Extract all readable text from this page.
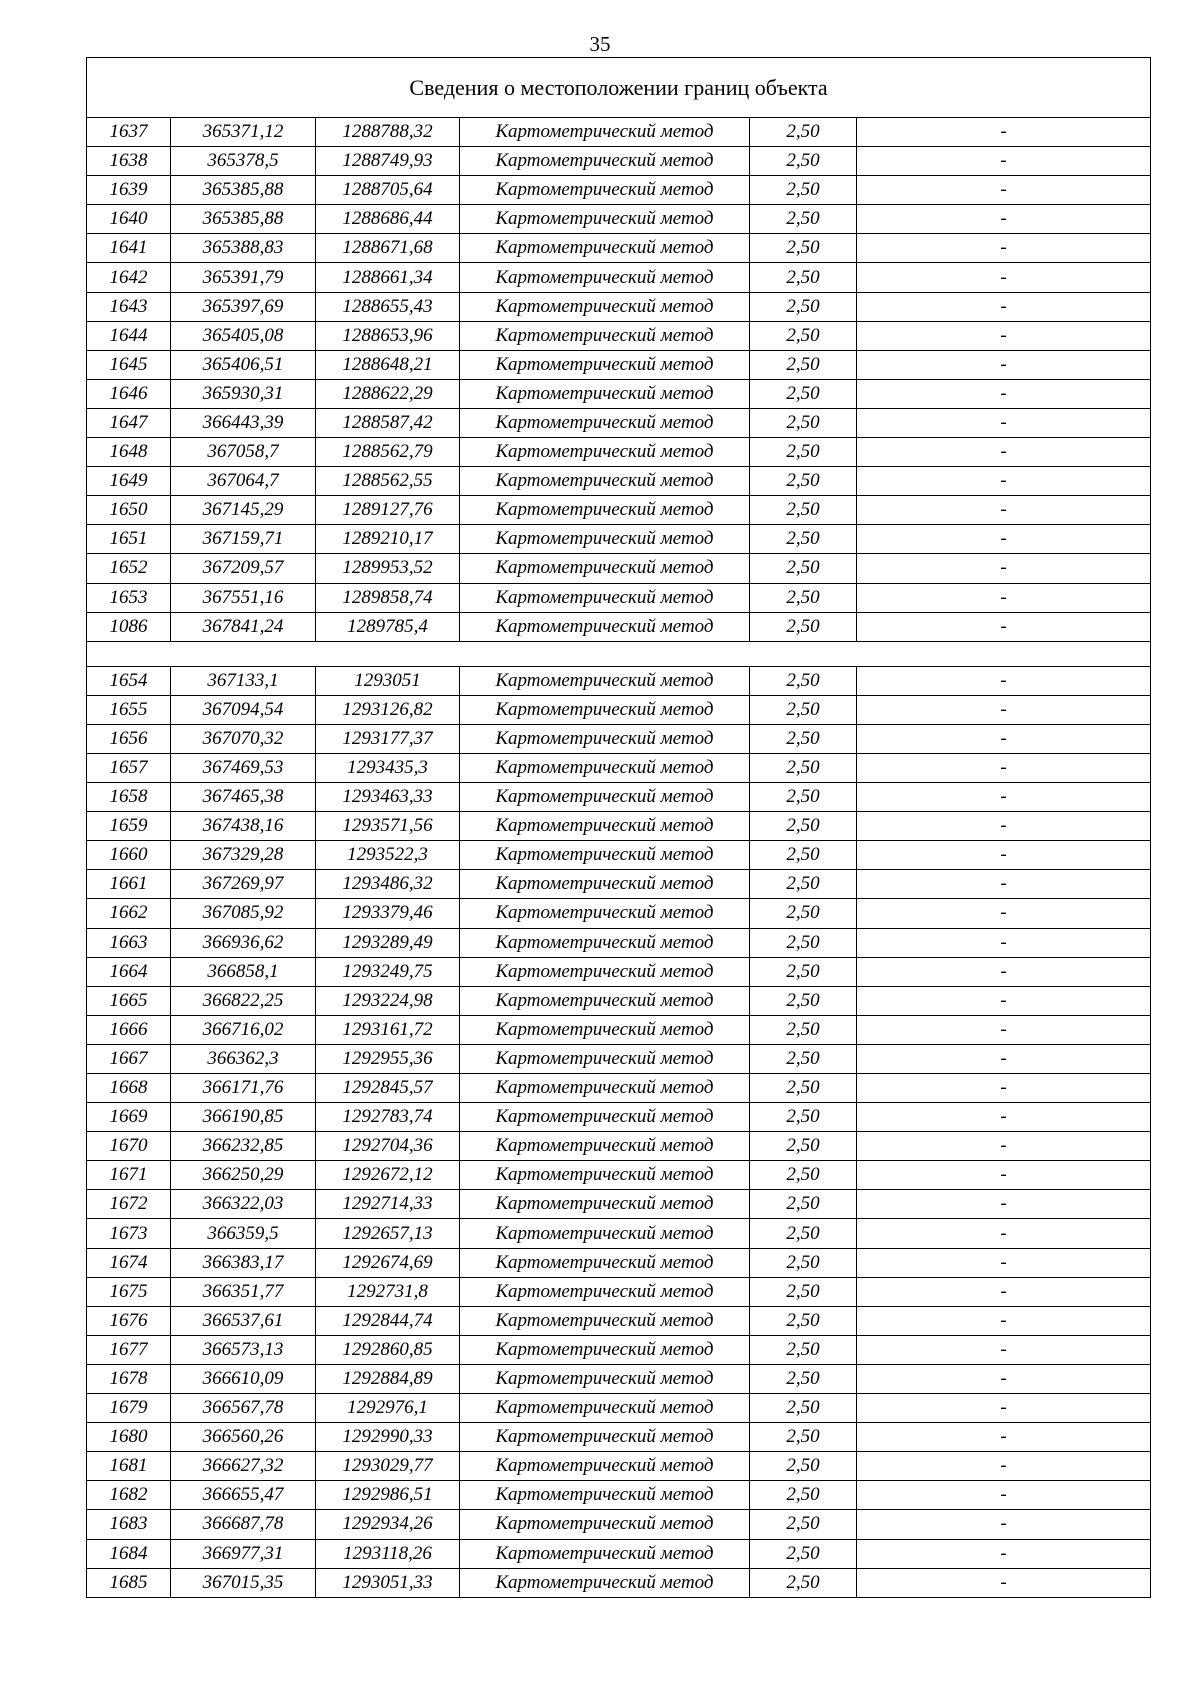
35
Сведения о местоположении границ объекта					
1637	365371,12	1288788,32	Картометрический метод	2,50	-
1638	365378,5	1288749,93	Картометрический метод	2,50	-
1639	365385,88	1288705,64	Картометрический метод	2,50	-
1640	365385,88	1288686,44	Картометрический метод	2,50	-
1641	365388,83	1288671,68	Картометрический метод	2,50	-
1642	365391,79	1288661,34	Картометрический метод	2,50	-
1643	365397,69	1288655,43	Картометрический метод	2,50	-
1644	365405,08	1288653,96	Картометрический метод	2,50	-
1645	365406,51	1288648,21	Картометрический метод	2,50	-
1646	365930,31	1288622,29	Картометрический метод	2,50	-
1647	366443,39	1288587,42	Картометрический метод	2,50	-
1648	367058,7	1288562,79	Картометрический метод	2,50	-
1649	367064,7	1288562,55	Картометрический метод	2,50	-
1650	367145,29	1289127,76	Картометрический метод	2,50	-
1651	367159,71	1289210,17	Картометрический метод	2,50	-
1652	367209,57	1289953,52	Картометрический метод	2,50	-
1653	367551,16	1289858,74	Картометрический метод	2,50	-
1086	367841,24	1289785,4	Картометрический метод	2,50	-

1654	367133,1	1293051	Картометрический метод	2,50	-
1655	367094,54	1293126,82	Картометрический метод	2,50	-
1656	367070,32	1293177,37	Картометрический метод	2,50	-
1657	367469,53	1293435,3	Картометрический метод	2,50	-
1658	367465,38	1293463,33	Картометрический метод	2,50	-
1659	367438,16	1293571,56	Картометрический метод	2,50	-
1660	367329,28	1293522,3	Картометрический метод	2,50	-
1661	367269,97	1293486,32	Картометрический метод	2,50	-
1662	367085,92	1293379,46	Картометрический метод	2,50	-
1663	366936,62	1293289,49	Картометрический метод	2,50	-
1664	366858,1	1293249,75	Картометрический метод	2,50	-
1665	366822,25	1293224,98	Картометрический метод	2,50	-
1666	366716,02	1293161,72	Картометрический метод	2,50	-
1667	366362,3	1292955,36	Картометрический метод	2,50	-
1668	366171,76	1292845,57	Картометрический метод	2,50	-
1669	366190,85	1292783,74	Картометрический метод	2,50	-
1670	366232,85	1292704,36	Картометрический метод	2,50	-
1671	366250,29	1292672,12	Картометрический метод	2,50	-
1672	366322,03	1292714,33	Картометрический метод	2,50	-
1673	366359,5	1292657,13	Картометрический метод	2,50	-
1674	366383,17	1292674,69	Картометрический метод	2,50	-
1675	366351,77	1292731,8	Картометрический метод	2,50	-
1676	366537,61	1292844,74	Картометрический метод	2,50	-
1677	366573,13	1292860,85	Картометрический метод	2,50	-
1678	366610,09	1292884,89	Картометрический метод	2,50	-
1679	366567,78	1292976,1	Картометрический метод	2,50	-
1680	366560,26	1292990,33	Картометрический метод	2,50	-
1681	366627,32	1293029,77	Картометрический метод	2,50	-
1682	366655,47	1292986,51	Картометрический метод	2,50	-
1683	366687,78	1292934,26	Картометрический метод	2,50	-
1684	366977,31	1293118,26	Картометрический метод	2,50	-
1685	367015,35	1293051,33	Картометрический метод	2,50	-
